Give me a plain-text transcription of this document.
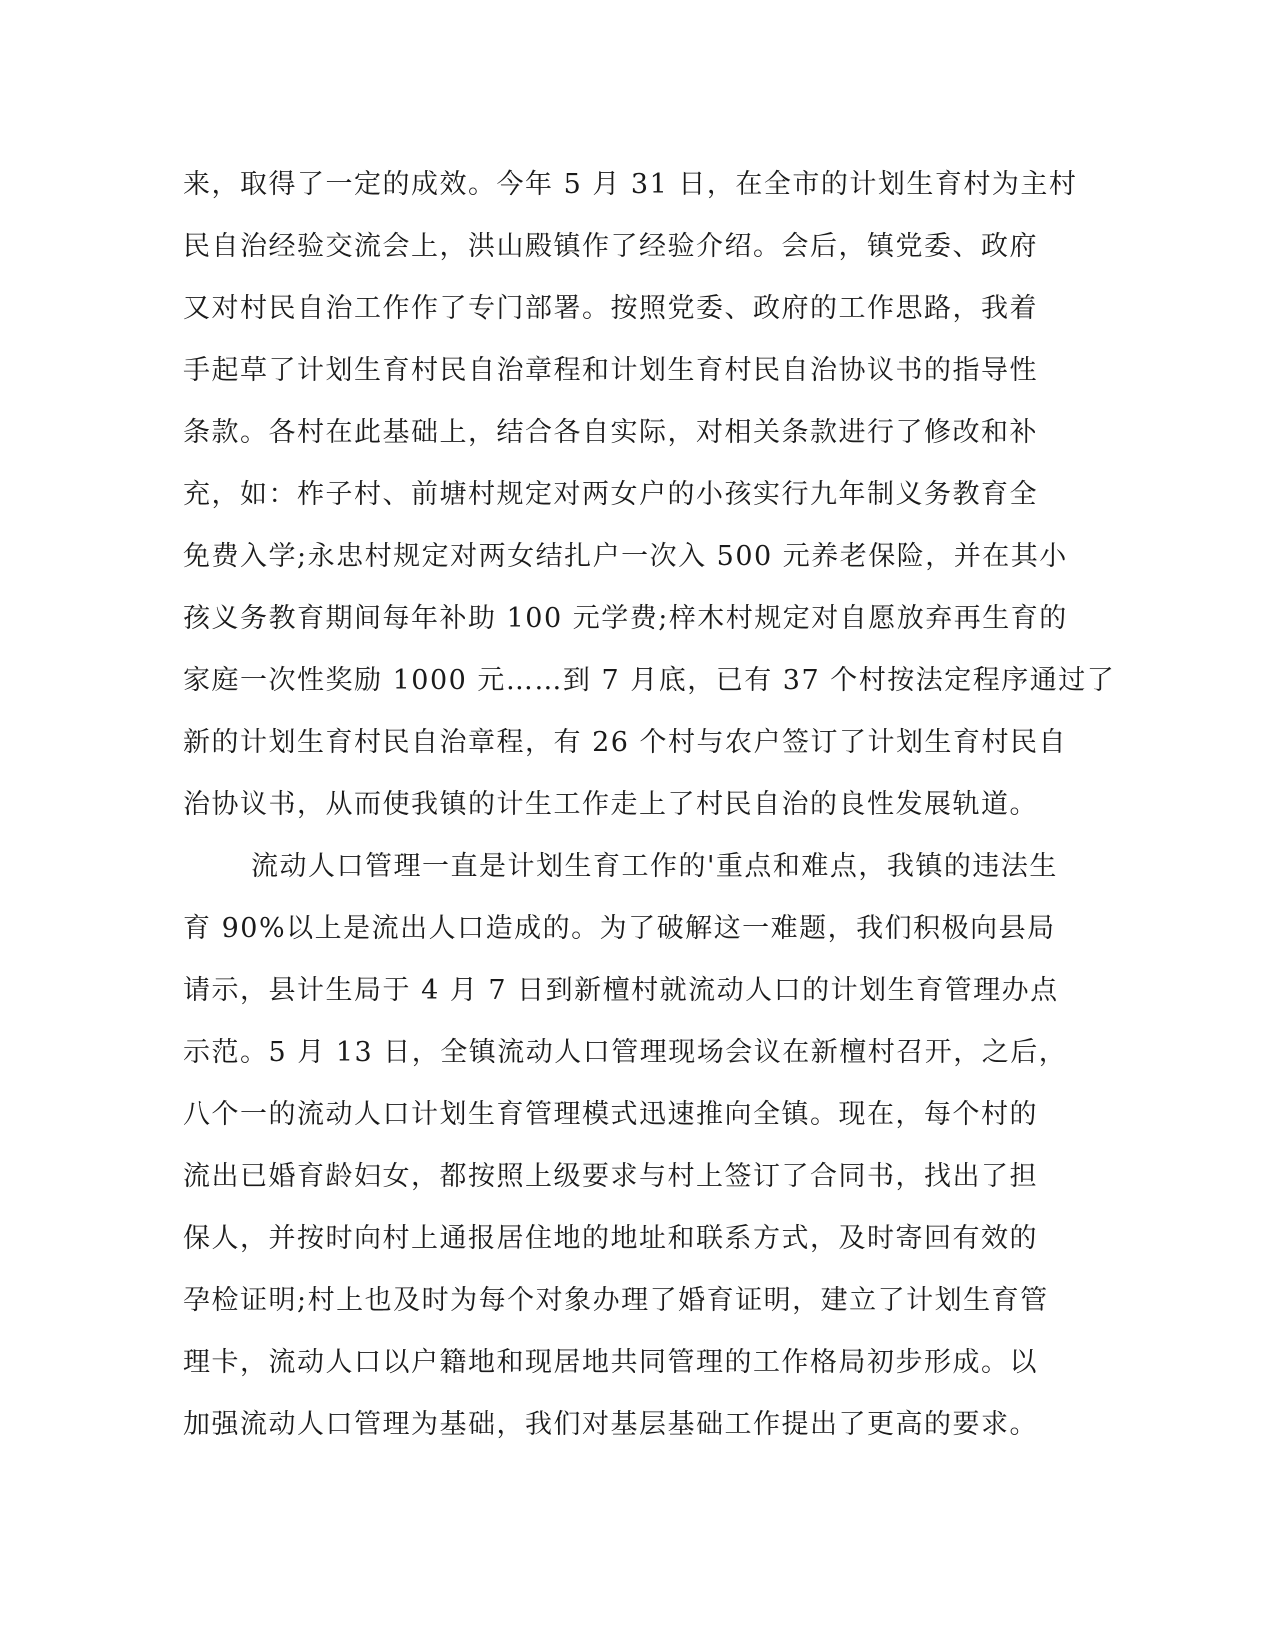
来，取得了一定的成效。今年 5 月 31 日，在全市的计划生育村为主村
民自治经验交流会上，洪山殿镇作了经验介绍。会后，镇党委、政府
又对村民自治工作作了专门部署。按照党委、政府的工作思路，我着
手起草了计划生育村民自治章程和计划生育村民自治协议书的指导性
条款。各村在此基础上，结合各自实际，对相关条款进行了修改和补
充，如：柞子村、前塘村规定对两女户的小孩实行九年制义务教育全
免费入学;永忠村规定对两女结扎户一次入 500 元养老保险，并在其小
孩义务教育期间每年补助 100 元学费;梓木村规定对自愿放弃再生育的
家庭一次性奖励 1000 元……到 7 月底，已有 37 个村按法定程序通过了
新的计划生育村民自治章程，有 26 个村与农户签订了计划生育村民自
治协议书，从而使我镇的计生工作走上了村民自治的良性发展轨道。
流动人口管理一直是计划生育工作的'重点和难点，我镇的违法生
育 90%以上是流出人口造成的。为了破解这一难题，我们积极向县局
请示，县计生局于 4 月 7 日到新檀村就流动人口的计划生育管理办点
示范。5 月 13 日，全镇流动人口管理现场会议在新檀村召开，之后，
八个一的流动人口计划生育管理模式迅速推向全镇。现在，每个村的
流出已婚育龄妇女，都按照上级要求与村上签订了合同书，找出了担
保人，并按时向村上通报居住地的地址和联系方式，及时寄回有效的
孕检证明;村上也及时为每个对象办理了婚育证明，建立了计划生育管
理卡，流动人口以户籍地和现居地共同管理的工作格局初步形成。以
加强流动人口管理为基础，我们对基层基础工作提出了更高的要求。
